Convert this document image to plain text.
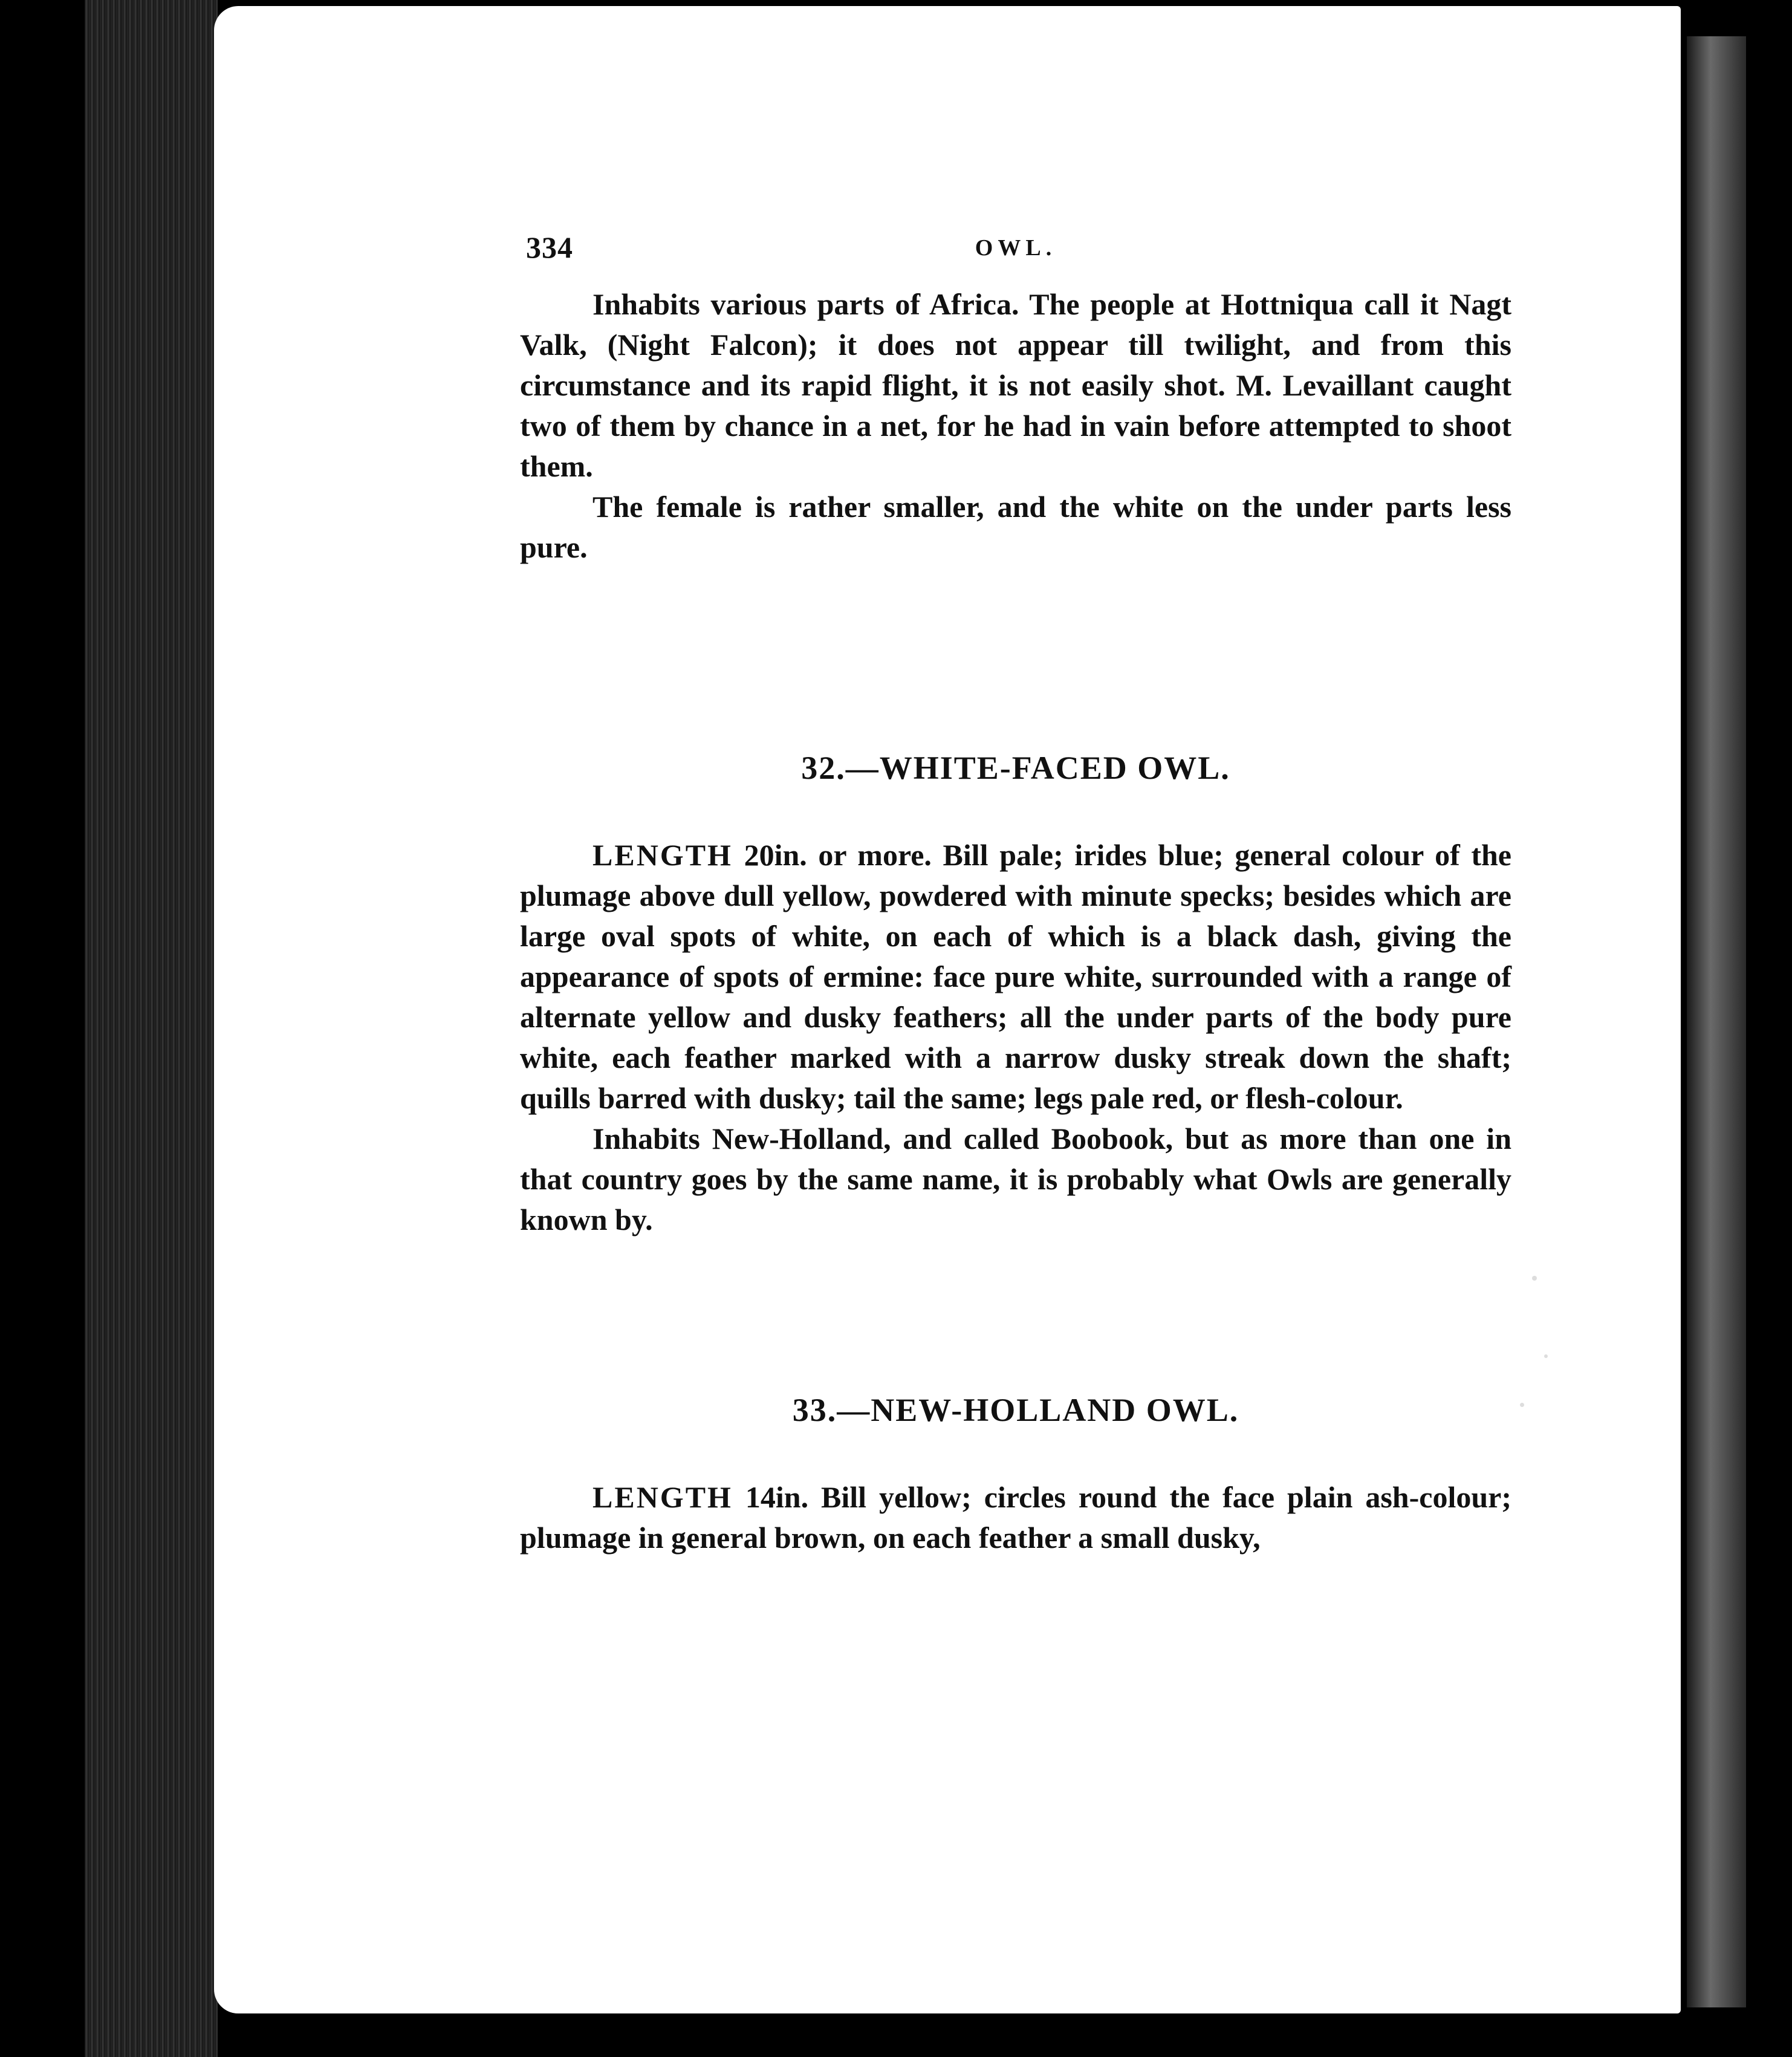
334	OWL.

Inhabits various parts of Africa. The people at Hottniqua call it Nagt Valk, (Night Falcon); it does not appear till twilight, and from this circumstance and its rapid flight, it is not easily shot. M. Levaillant caught two of them by chance in a net, for he had in vain before attempted to shoot them.

The female is rather smaller, and the white on the under parts less pure.

32.—WHITE-FACED OWL.

LENGTH 20in. or more. Bill pale; irides blue; general colour of the plumage above dull yellow, powdered with minute specks; besides which are large oval spots of white, on each of which is a black dash, giving the appearance of spots of ermine: face pure white, surrounded with a range of alternate yellow and dusky feathers; all the under parts of the body pure white, each feather marked with a narrow dusky streak down the shaft; quills barred with dusky; tail the same; legs pale red, or flesh-colour.

Inhabits New-Holland, and called Boobook, but as more than one in that country goes by the same name, it is probably what Owls are generally known by.

33.—NEW-HOLLAND OWL.

LENGTH 14in. Bill yellow; circles round the face plain ash-colour; plumage in general brown, on each feather a small dusky,
